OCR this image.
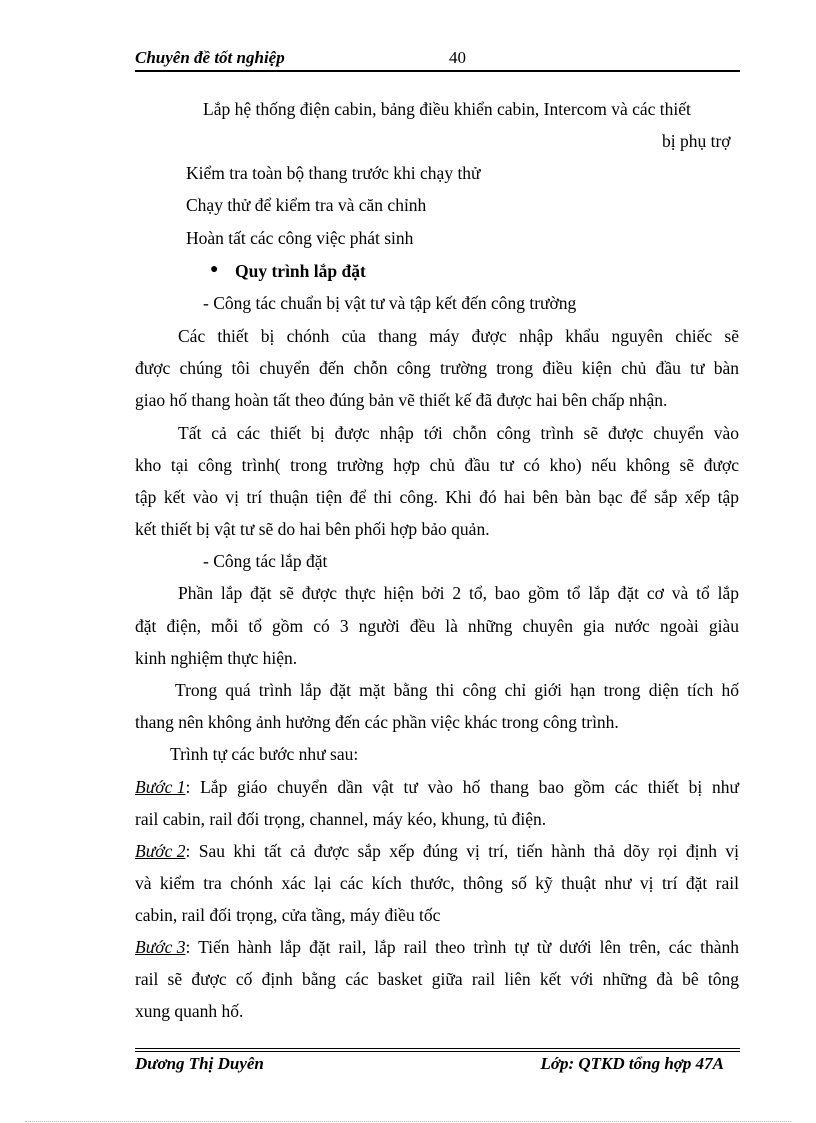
Chuyên đề tốt nghiệp	40
Lắp hệ thống điện cabin, bảng điều khiển cabin, Intercom và các thiết
bị phụ trợ
Kiểm tra toàn bộ thang trước khi chạy thử
Chạy thử để kiểm tra và căn chỉnh
Hoàn tất các công việc phát sinh
● Quy trình lắp đặt
- Công tác chuẩn bị vật tư và tập kết đến công trường
Các thiết bị chónh của thang máy được nhập khẩu nguyên chiếc sẽ
được chúng tôi chuyển đến chỗn công trường trong điều kiện chủ đầu tư bàn
giao hố thang hoàn tất theo đúng bản vẽ thiết kế đã được hai bên chấp nhận.
Tất cả các thiết bị được nhập tới chỗn công trình sẽ được chuyển vào
kho tại công trình( trong trường hợp chủ đầu tư có kho) nếu không sẽ được
tập kết vào vị trí thuận tiện để thi công. Khi đó hai bên bàn bạc để sắp xếp tập
kết thiết bị vật tư sẽ do hai bên phối hợp bảo quản.
- Công tác lắp đặt
Phần lắp đặt sẽ được thực hiện bởi 2 tổ, bao gồm tổ lắp đặt cơ và tổ lắp
đặt điện, mỗi tổ gồm có 3 người đều là những chuyên gia nước ngoài giàu
kinh nghiệm thực hiện.
Trong quá trình lắp đặt mặt bằng thi công chỉ giới hạn trong diện tích hố
thang nên không ảnh hưởng đến các phần việc khác trong công trình.
Trình tự các bước như sau:
Bước 1 : Lắp giáo chuyển dần vật tư vào hố thang bao gồm các thiết bị như
rail cabin, rail đối trọng, channel, máy kéo, khung, tủ điện.
Bước 2 : Sau khi tất cả được sắp xếp đúng vị trí, tiến hành thả dõy rọi định vị
và kiểm tra chónh xác lại các kích thước, thông số kỹ thuật như vị trí đặt rail
cabin, rail đối trọng, cửa tầng, máy điều tốc
Bước 3 : Tiến hành lắp đặt rail, lắp rail theo trình tự từ dưới lên trên, các thành
rail sẽ được cố định bằng các basket giữa rail liên kết với những đà bê tông
xung quanh hố.
Dương Thị Duyên	Lớp: QTKD tổng hợp 47A
